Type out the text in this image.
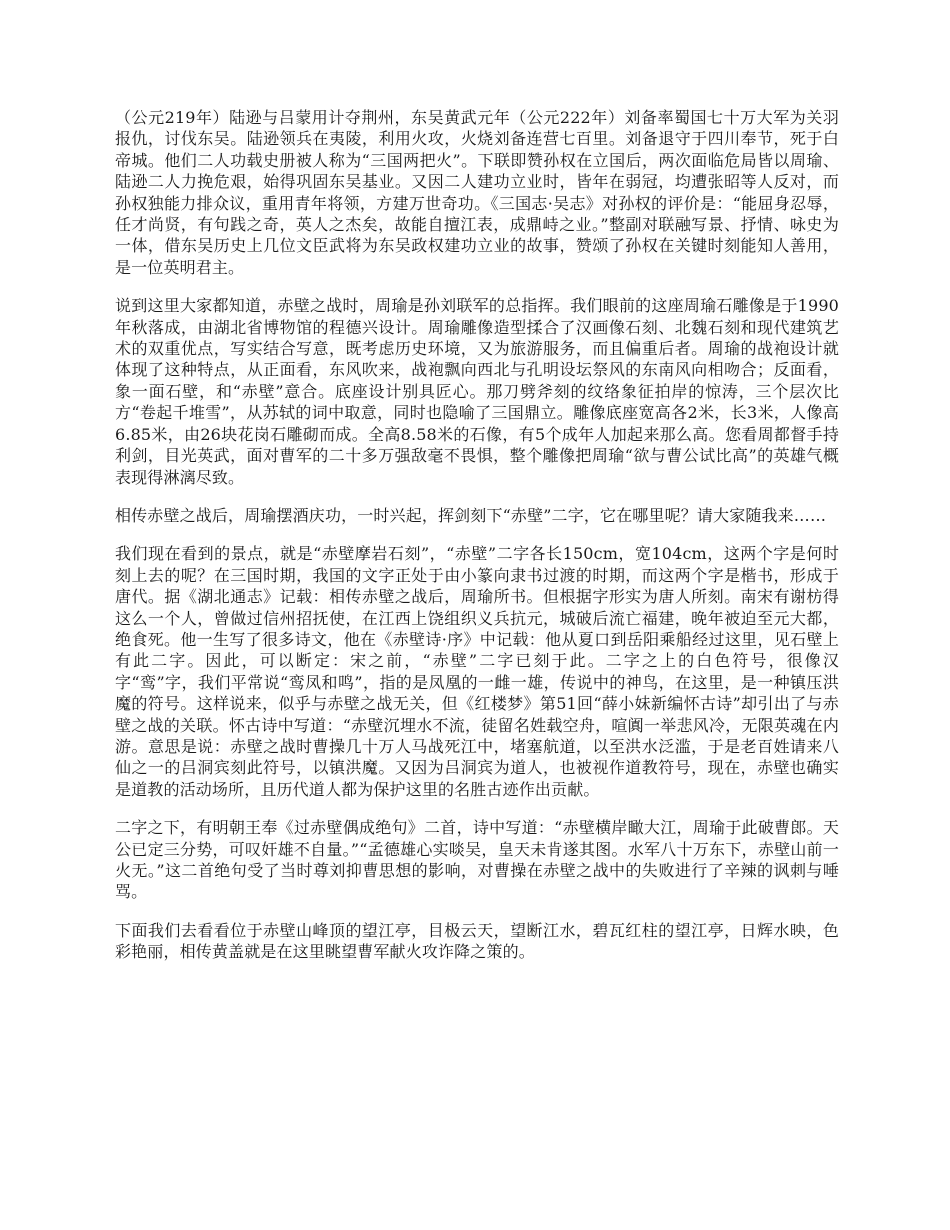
（公元219年）陆逊与吕蒙用计夺荆州，东吴黄武元年（公元222年）刘备率蜀国七十万大军为关羽报仇，讨伐东吴。陆逊领兵在夷陵，利用火攻，火烧刘备连营七百里。刘备退守于四川奉节，死于白帝城。他们二人功载史册被人称为“三国两把火”。下联即赞孙权在立国后，两次面临危局皆以周瑜、陆逊二人力挽危艰，始得巩固东吴基业。又因二人建功立业时，皆年在弱冠，均遭张昭等人反对，而孙权独能力排众议，重用青年将领，方建万世奇功。《三国志·吴志》对孙权的评价是：“能屈身忍辱，任才尚贤，有句践之奇，英人之杰矣，故能自擅江表，成鼎峙之业。”整副对联融写景、抒情、咏史为一体，借东吴历史上几位文臣武将为东吴政权建功立业的故事，赞颂了孙权在关键时刻能知人善用，是一位英明君主。

说到这里大家都知道，赤壁之战时，周瑜是孙刘联军的总指挥。我们眼前的这座周瑜石雕像是于1990年秋落成，由湖北省博物馆的程德兴设计。周瑜雕像造型揉合了汉画像石刻、北魏石刻和现代建筑艺术的双重优点，写实结合写意，既考虑历史环境，又为旅游服务，而且偏重后者。周瑜的战袍设计就体现了这种特点，从正面看，东风吹来，战袍飘向西北与孔明设坛祭风的东南风向相吻合；反面看，象一面石壁，和“赤壁”意合。底座设计别具匠心。那刀劈斧刻的纹络象征拍岸的惊涛，三个层次比方“卷起千堆雪”，从苏轼的词中取意，同时也隐喻了三国鼎立。雕像底座宽高各2米，长3米，人像高6.85米，由26块花岗石雕砌而成。全高8.58米的石像，有5个成年人加起来那么高。您看周都督手持利剑，目光英武，面对曹军的二十多万强敌毫不畏惧，整个雕像把周瑜“欲与曹公试比高”的英雄气概表现得淋漓尽致。

相传赤壁之战后，周瑜摆酒庆功，一时兴起，挥剑刻下“赤壁”二字，它在哪里呢？请大家随我来……

我们现在看到的景点，就是“赤壁摩岩石刻”，“赤壁”二字各长150cm，宽104cm，这两个字是何时刻上去的呢？在三国时期，我国的文字正处于由小篆向隶书过渡的时期，而这两个字是楷书，形成于唐代。据《湖北通志》记载：相传赤壁之战后，周瑜所书。但根据字形实为唐人所刻。南宋有谢枋得这么一个人，曾做过信州招抚使，在江西上饶组织义兵抗元，城破后流亡福建，晚年被迫至元大都，绝食死。他一生写了很多诗文，他在《赤壁诗·序》中记载：他从夏口到岳阳乘船经过这里，见石壁上有此二字。因此，可以断定：宋之前，“赤壁”二字已刻于此。二字之上的白色符号，很像汉字“鸾”字，我们平常说“鸾凤和鸣”，指的是凤凰的一雌一雄，传说中的神鸟，在这里，是一种镇压洪魔的符号。这样说来，似乎与赤壁之战无关，但《红楼梦》第51回“薛小妹新编怀古诗”却引出了与赤壁之战的关联。怀古诗中写道：“赤壁沉埋水不流，徒留名姓载空舟，喧阗一举悲风冷，无限英魂在内游。意思是说：赤壁之战时曹操几十万人马战死江中，堵塞航道，以至洪水泛滥，于是老百姓请来八仙之一的吕洞宾刻此符号，以镇洪魔。又因为吕洞宾为道人，也被视作道教符号，现在，赤壁也确实是道教的活动场所，且历代道人都为保护这里的名胜古迹作出贡献。

二字之下，有明朝王奉《过赤壁偶成绝句》二首，诗中写道：“赤壁横岸瞰大江，周瑜于此破曹郎。天公已定三分势，可叹奸雄不自量。”“孟德雄心实啖吴，皇天未肯遂其图。水军八十万东下，赤壁山前一火无。”这二首绝句受了当时尊刘抑曹思想的影响，对曹操在赤壁之战中的失败进行了辛辣的讽刺与唾骂。

下面我们去看看位于赤壁山峰顶的望江亭，目极云天，望断江水，碧瓦红柱的望江亭，日辉水映，色彩艳丽，相传黄盖就是在这里眺望曹军献火攻诈降之策的。
